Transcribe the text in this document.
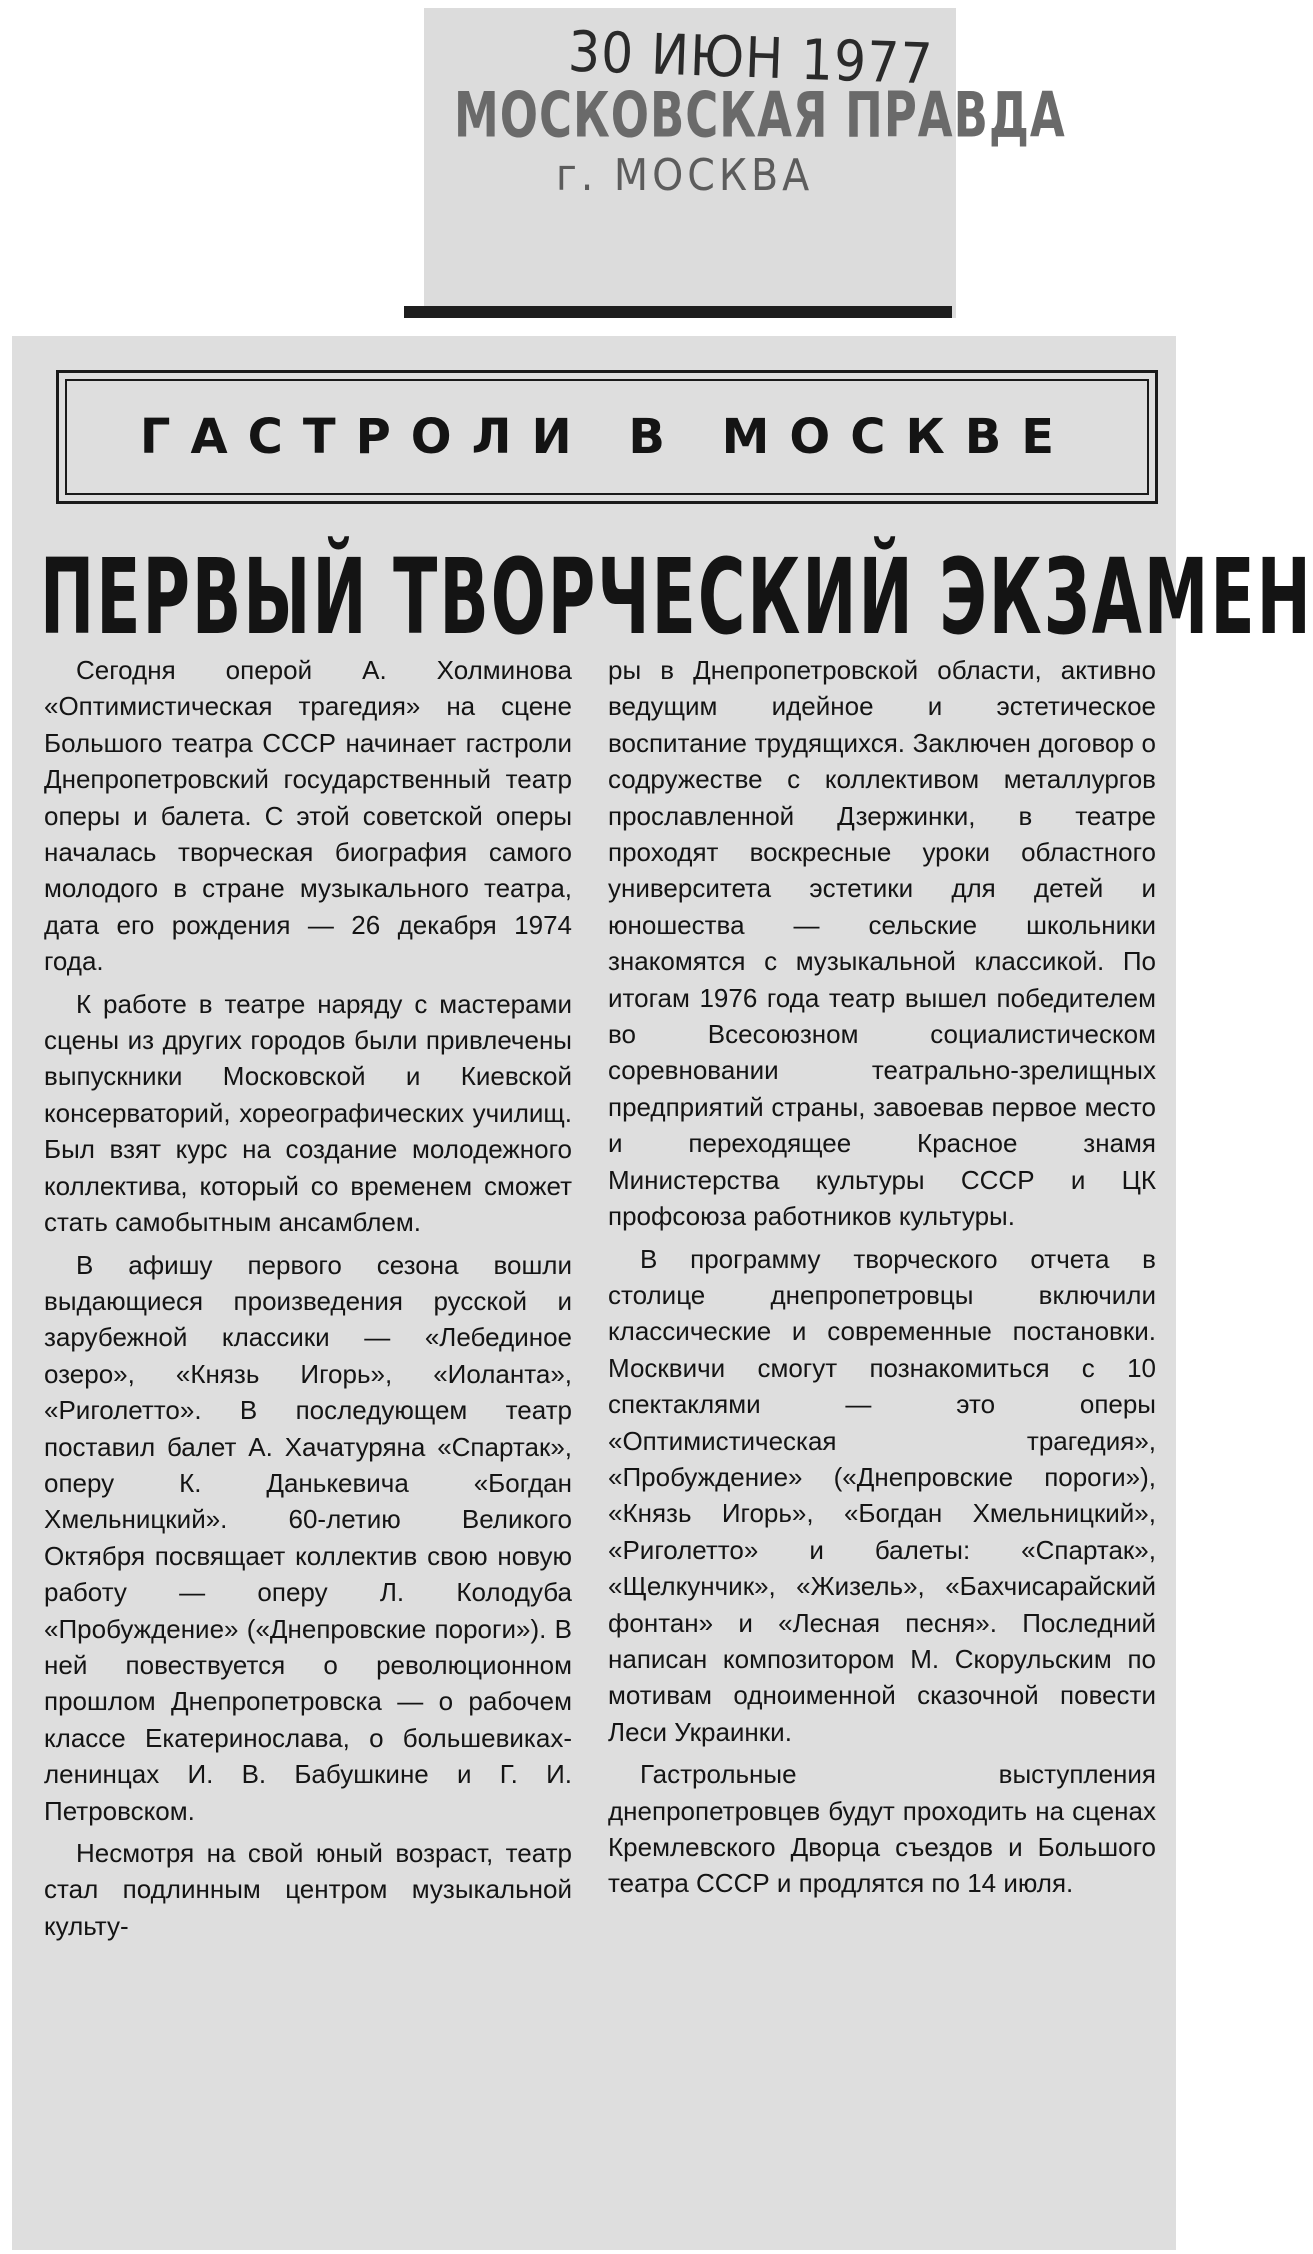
30 ИЮН 1977
МОСКОВСКАЯ ПРАВДА
г. МОСКВА
ГАСТРОЛИ В МОСКВЕ
ПЕРВЫЙ ТВОРЧЕСКИЙ ЭКЗАМЕН

Сегодня оперой А. Холминова «Оптимистическая трагедия» на сцене Большого театра СССР начинает гастроли Днепропетровский государственный театр оперы и балета. С этой советской оперы началась творческая биография самого молодого в стране музыкального театра, дата его рождения — 26 декабря 1974 года.

К работе в театре наряду с мастерами сцены из других городов были привлечены выпускники Московской и Киевской консерваторий, хореографических училищ. Был взят курс на создание молодежного коллектива, который со временем сможет стать самобытным ансамблем.

В афишу первого сезона вошли выдающиеся произведения русской и зарубежной классики — «Лебединое озеро», «Князь Игорь», «Иоланта», «Риголетто». В последующем театр поставил балет А. Хачатуряна «Спартак», оперу К. Данькевича «Богдан Хмельницкий». 60-летию Великого Октября посвящает коллектив свою новую работу — оперу Л. Колодуба «Пробуждение» («Днепровские пороги»). В ней повествуется о революционном прошлом Днепропетровска — о рабочем классе Екатеринослава, о большевиках-ленинцах И. В. Бабушкине и Г. И. Петровском.

Несмотря на свой юный возраст, театр стал подлинным центром музыкальной культу-

ры в Днепропетровской области, активно ведущим идейное и эстетическое воспитание трудящихся. Заключен договор о содружестве с коллективом металлургов прославленной Дзержинки, в театре проходят воскресные уроки областного университета эстетики для детей и юношества — сельские школьники знакомятся с музыкальной классикой. По итогам 1976 года театр вышел победителем во Всесоюзном социалистическом соревновании театрально-зрелищных предприятий страны, завоевав первое место и переходящее Красное знамя Министерства культуры СССР и ЦК профсоюза работников культуры.

В программу творческого отчета в столице днепропетровцы включили классические и современные постановки. Москвичи смогут познакомиться с 10 спектаклями — это оперы «Оптимистическая трагедия», «Пробуждение» («Днепровские пороги»), «Князь Игорь», «Богдан Хмельницкий», «Риголетто» и балеты: «Спартак», «Щелкунчик», «Жизель», «Бахчисарайский фонтан» и «Лесная песня». Последний написан композитором М. Скорульским по мотивам одноименной сказочной повести Леси Украинки.

Гастрольные выступления днепропетровцев будут проходить на сценах Кремлевского Дворца съездов и Большого театра СССР и продлятся по 14 июля.
